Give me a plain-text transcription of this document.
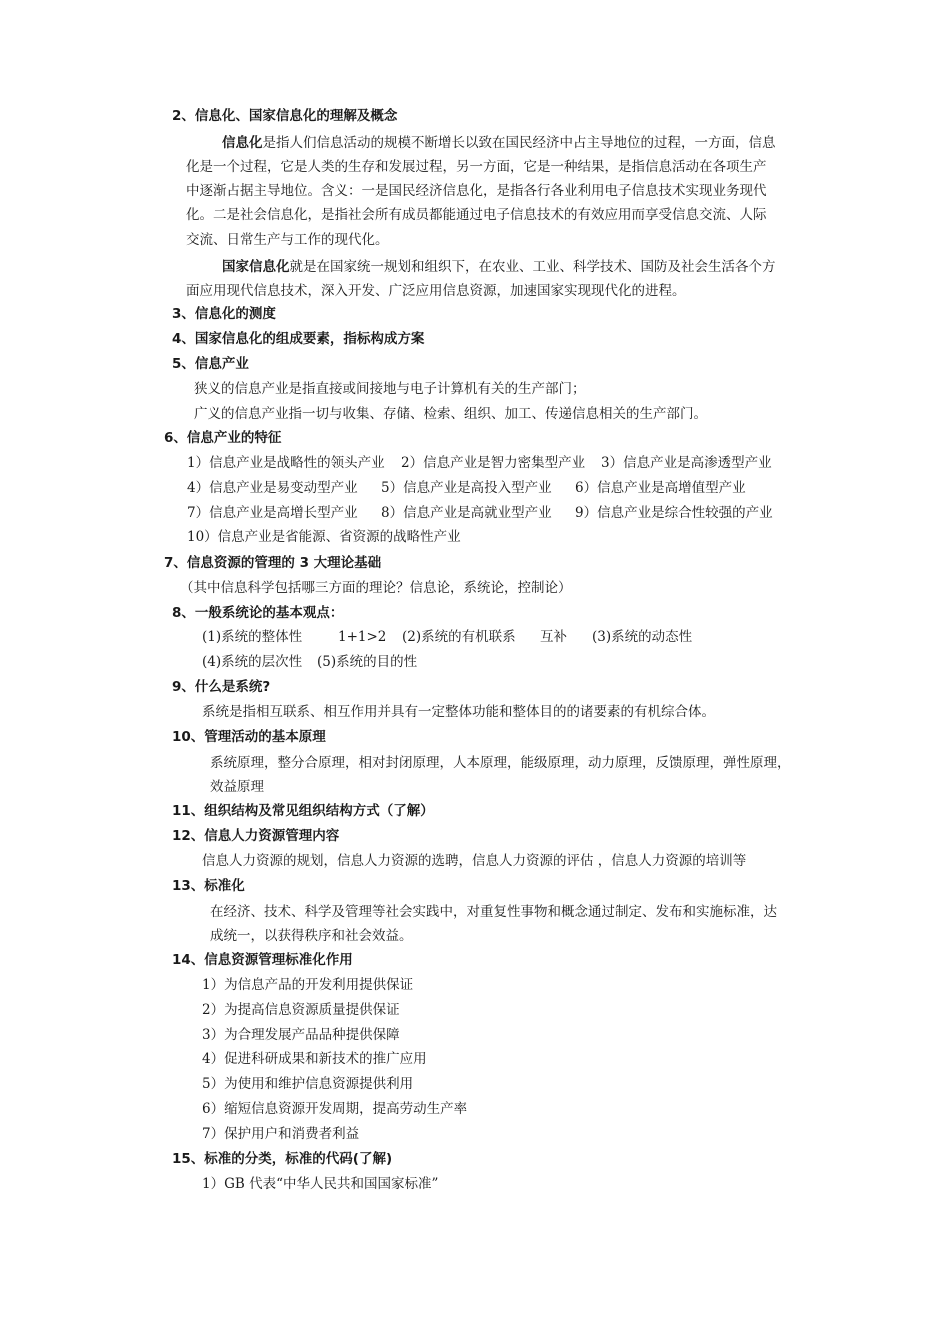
2、信息化、国家信息化的理解及概念
信息化是指人们信息活动的规模不断增长以致在国民经济中占主导地位的过程，一方面，信息
化是一个过程，它是人类的生存和发展过程，另一方面，它是一种结果，是指信息活动在各项生产
中逐渐占据主导地位。含义：一是国民经济信息化，是指各行各业利用电子信息技术实现业务现代
化。二是社会信息化，是指社会所有成员都能通过电子信息技术的有效应用而享受信息交流、人际
交流、日常生产与工作的现代化。
国家信息化就是在国家统一规划和组织下，在农业、工业、科学技术、国防及社会生活各个方
面应用现代信息技术，深入开发、广泛应用信息资源，加速国家实现现代化的进程。
3、信息化的测度
4、国家信息化的组成要素，指标构成方案
5、信息产业
狭义的信息产业是指直接或间接地与电子计算机有关的生产部门；
广义的信息产业指一切与收集、存储、检索、组织、加工、传递信息相关的生产部门。
6、信息产业的特征
1）信息产业是战略性的领头产业 2）信息产业是智力密集型产业 3）信息产业是高渗透型产业
4）信息产业是易变动型产业 5）信息产业是高投入型产业 6）信息产业是高增值型产业
7）信息产业是高增长型产业 8）信息产业是高就业型产业 9）信息产业是综合性较强的产业
10）信息产业是省能源、省资源的战略性产业
7、信息资源的管理的 3 大理论基础
（其中信息科学包括哪三方面的理论？信息论，系统论，控制论）
8、一般系统论的基本观点：
(1)系统的整体性	1+1>2 (2)系统的有机联系 互补 (3)系统的动态性
(4)系统的层次性 (5)系统的目的性
9、什么是系统?
系统是指相互联系、相互作用并具有一定整体功能和整体目的的诸要素的有机综合体。
10、管理活动的基本原理
系统原理，整分合原理，相对封闭原理，人本原理，能级原理，动力原理，反馈原理，弹性原理，
效益原理
11、组织结构及常见组织结构方式（了解）
12、信息人力资源管理内容
信息人力资源的规划，信息人力资源的选聘，信息人力资源的评估 ，信息人力资源的培训等
13、标准化
在经济、技术、科学及管理等社会实践中，对重复性事物和概念通过制定、发布和实施标准，达
成统一，以获得秩序和社会效益。
14、信息资源管理标准化作用
1）为信息产品的开发利用提供保证
2）为提高信息资源质量提供保证
3）为合理发展产品品种提供保障
4）促进科研成果和新技术的推广应用
5）为使用和维护信息资源提供利用
6）缩短信息资源开发周期，提高劳动生产率
7）保护用户和消费者利益
15、标准的分类，标准的代码(了解)
1）GB 代表“中华人民共和国国家标准”
